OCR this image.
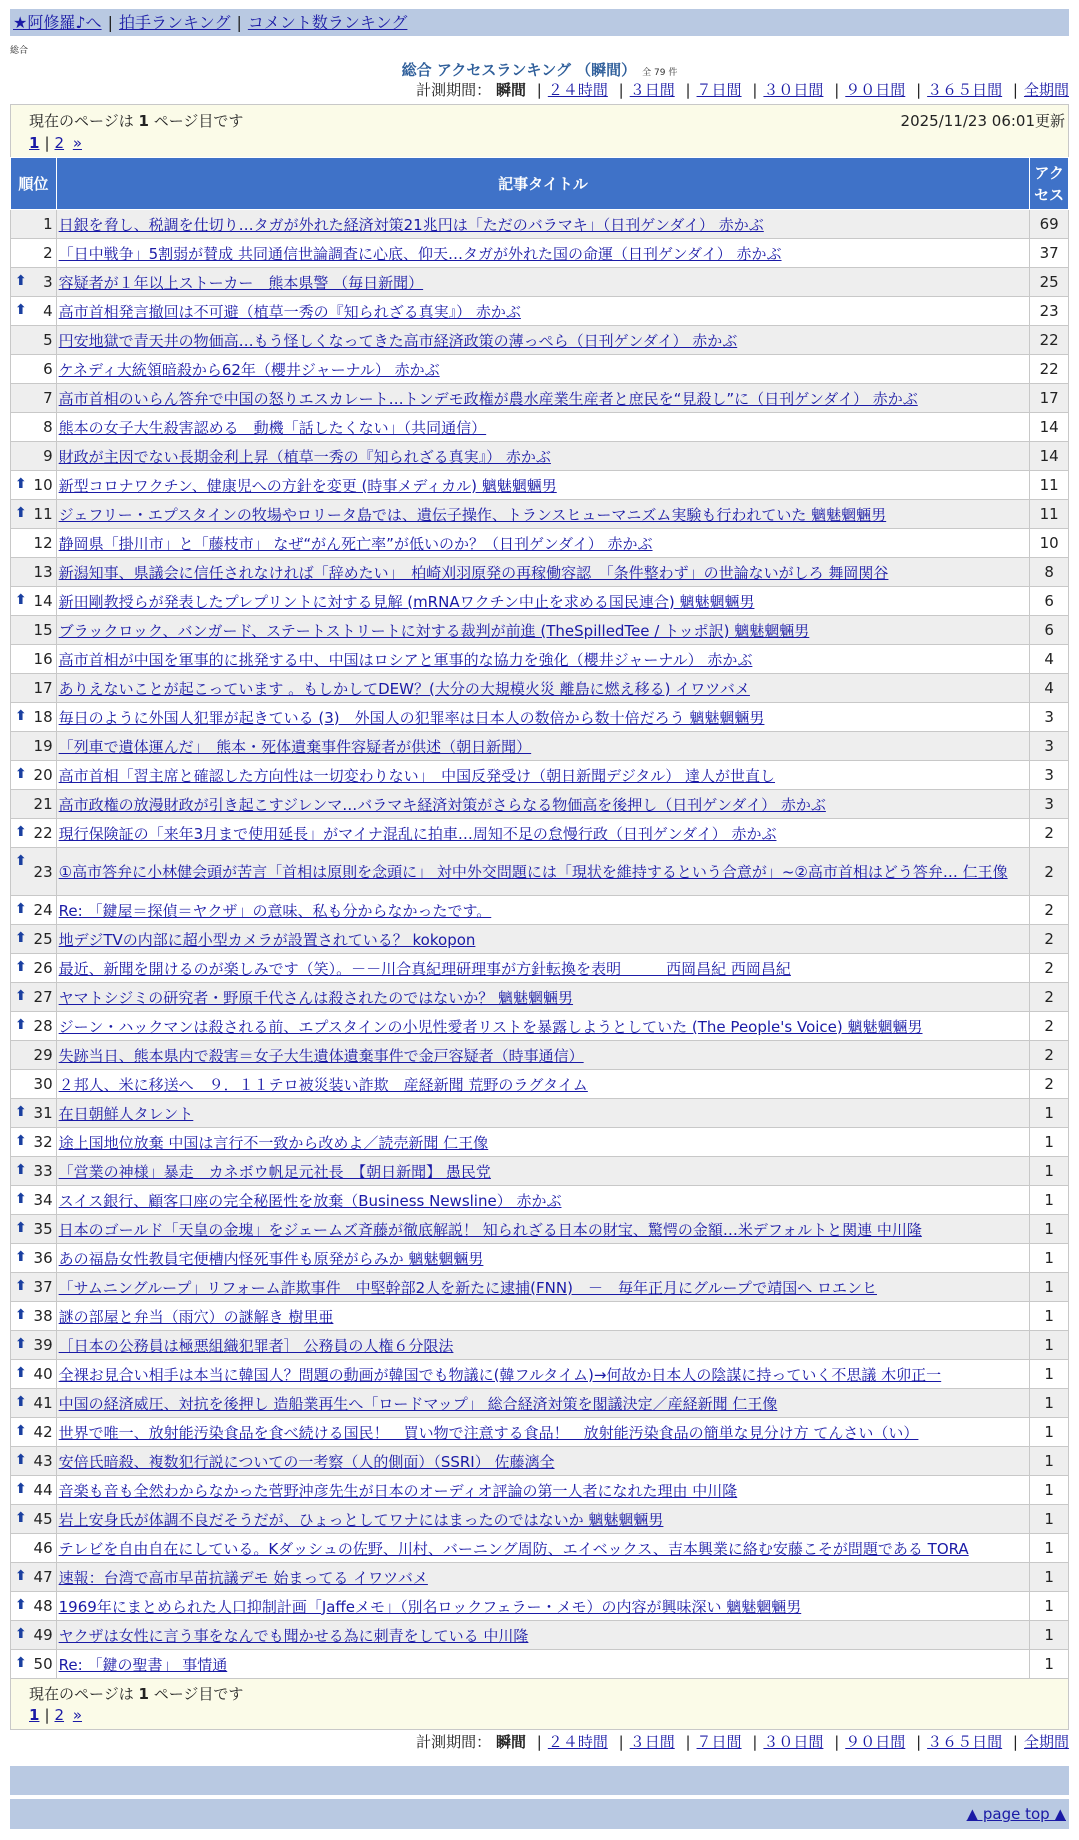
★阿修羅♪へ | 拍手ランキング | コメント数ランキング
総合
総合 アクセスランキング （瞬間） 全 79 件
計測期間： 瞬間 | ２４時間 | ３日間 | ７日間 | ３０日間 | ９０日間 | ３６５日間 | 全期間
現在のページは 1 ページ目です	2025/11/23 06:01更新
1 | 2 »
順位	記事タイトル	アクセス
1	日銀を脅し、税調を仕切り…タガが外れた経済対策21兆円は「ただのバラマキ」（日刊ゲンダイ） 赤かぶ	69
2	「日中戦争」5割弱が賛成 共同通信世論調査に心底、仰天…タガが外れた国の命運（日刊ゲンダイ） 赤かぶ	37

⬆ 3	容疑者が１年以上ストーカー　熊本県警 （毎日新聞）	25

⬆ 4	高市首相発言撤回は不可避（植草一秀の『知られざる真実』） 赤かぶ	23
5	円安地獄で青天井の物価高…もう怪しくなってきた高市経済政策の薄っぺら（日刊ゲンダイ） 赤かぶ	22
6	ケネディ大統領暗殺から62年（櫻井ジャーナル） 赤かぶ	22
7	高市首相のいらん答弁で中国の怒りエスカレート…トンデモ政権が農水産業生産者と庶民を“見殺し”に（日刊ゲンダイ） 赤かぶ	17
8	熊本の女子大生殺害認める　動機「話したくない」（共同通信）	14
9	財政が主因でない長期金利上昇（植草一秀の『知られざる真実』） 赤かぶ	14

⬆ 10	新型コロナワクチン、健康児への方針を変更 (時事メディカル) 魑魅魍魎男	11

⬆ 11	ジェフリー・エプスタインの牧場やロリータ島では、遺伝子操作、トランスヒューマニズム実験も行われていた 魑魅魍魎男	11
12	静岡県「掛川市」と「藤枝市」 なぜ“がん死亡率”が低いのか？（日刊ゲンダイ） 赤かぶ	10
13	新潟知事、県議会に信任されなければ「辞めたい」　柏崎刈羽原発の再稼働容認　「条件整わず」の世論ないがしろ 舞岡関谷	8

⬆ 14	新田剛教授らが発表したプレプリントに対する見解 (mRNAワクチン中止を求める国民連合) 魑魅魍魎男	6
15	ブラックロック、バンガード、ステートストリートに対する裁判が前進 (TheSpilledTee / トッポ訳) 魑魅魍魎男	6
16	高市首相が中国を軍事的に挑発する中、中国はロシアと軍事的な協力を強化（櫻井ジャーナル） 赤かぶ	4
17	ありえないことが起こっています 。もしかしてDEW？(大分の大規模火災 離島に燃え移る) イワツバメ	4

⬆ 18	毎日のように外国人犯罪が起きている (3)　外国人の犯罪率は日本人の数倍から数十倍だろう 魑魅魍魎男	3
19	「列車で遺体運んだ」　熊本・死体遺棄事件容疑者が供述（朝日新聞）	3

⬆ 20	高市首相「習主席と確認した方向性は一切変わりない」　中国反発受け（朝日新聞デジタル） 達人が世直し	3
21	高市政権の放漫財政が引き起こすジレンマ…バラマキ経済対策がさらなる物価高を後押し（日刊ゲンダイ） 赤かぶ	3

⬆ 22	現行保険証の「来年3月まで使用延長」がマイナ混乱に拍車…周知不足の怠慢行政（日刊ゲンダイ） 赤かぶ	2

⬆
23	①高市答弁に小林健会頭が苦言「首相は原則を念頭に」 対中外交問題には「現状を維持するという合意が」~②高市首相はどう答弁… 仁王像	2

⬆ 24	Re: 「鍵屋＝探偵＝ヤクザ」の意味、私も分からなかったです。	2

⬆ 25	地デジTVの内部に超小型カメラが設置されている？ kokopon	2

⬆ 26	最近、新聞を開けるのが楽しみです（笑）。－－川合真紀理研理事が方針転換を表明　　　西岡昌紀 西岡昌紀	2

⬆ 27	ヤマトシジミの研究者・野原千代さんは殺されたのではないか？ 魑魅魍魎男	2

⬆ 28	ジーン・ハックマンは殺される前、エプスタインの小児性愛者リストを暴露しようとしていた (The People's Voice) 魑魅魍魎男	2
29	失跡当日、熊本県内で殺害＝女子大生遺体遺棄事件で金戸容疑者（時事通信）	2
30	２邦人、米に移送へ　９．１１テロ被災装い詐欺　産経新聞 荒野のラグタイム	2

⬆ 31	在日朝鮮人タレント	1

⬆ 32	途上国地位放棄 中国は言行不一致から改めよ／読売新聞 仁王像	1

⬆ 33	「営業の神様」暴走　カネボウ帆足元社長　【朝日新聞】 愚民党	1

⬆ 34	スイス銀行、顧客口座の完全秘匿性を放棄（Business Newsline） 赤かぶ	1

⬆ 35	日本のゴールド「天皇の金塊」をジェームズ斉藤が徹底解説！ 知られざる日本の財宝、驚愕の金額…米デフォルトと関連 中川隆	1

⬆ 36	あの福島女性教員宅便槽内怪死事件も原発がらみか 魑魅魍魎男	1

⬆ 37	「サムニングループ」リフォーム詐欺事件　中堅幹部2人を新たに逮捕(FNN)　－　毎年正月にグループで靖国へ ロエンヒ	1

⬆ 38	謎の部屋と弁当（雨穴）の謎解き 樹里亜	1

⬆ 39	［日本の公務員は極悪組織犯罪者］ 公務員の人権６分限法	1

⬆ 40	全裸お見合い相手は本当に韓国人？問題の動画が韓国でも物議に(韓フルタイム)→何故か日本人の陰謀に持っていく不思議 木卯正一	1

⬆ 41	中国の経済威圧、対抗を後押し 造船業再生へ「ロードマップ」 総合経済対策を閣議決定／産経新聞 仁王像	1

⬆ 42	世界で唯一、放射能汚染食品を食べ続ける国民！　買い物で注意する食品！　放射能汚染食品の簡単な見分け方 てんさい（い）	1

⬆ 43	安倍氏暗殺、複数犯行説についての一考察（人的側面）（SSRI） 佐藤漓全	1

⬆ 44	音楽も音も全然わからなかった菅野沖彦先生が日本のオーディオ評論の第一人者になれた理由 中川隆	1

⬆ 45	岩上安身氏が体調不良だそうだが、ひょっとしてワナにはまったのではないか 魑魅魍魎男	1
46	テレビを自由自在にしている。Kダッシュの佐野、川村、バーニング周防、エイベックス、吉本興業に絡む安藤こそが問題である TORA	1

⬆ 47	速報：台湾で高市早苗抗議デモ 始まってる イワツバメ	1

⬆ 48	1969年にまとめられた人口抑制計画「Jaffeメモ」（別名ロックフェラー・メモ）の内容が興味深い 魑魅魍魎男	1

⬆ 49	ヤクザは女性に言う事をなんでも聞かせる為に刺青をしている 中川隆	1

⬆ 50	Re: 「鍵の聖書」 事情通	1
現在のページは 1 ページ目です
1 | 2 »
計測期間： 瞬間 | ２４時間 | ３日間 | ７日間 | ３０日間 | ９０日間 | ３６５日間 | 全期間
▲ page top ▲
